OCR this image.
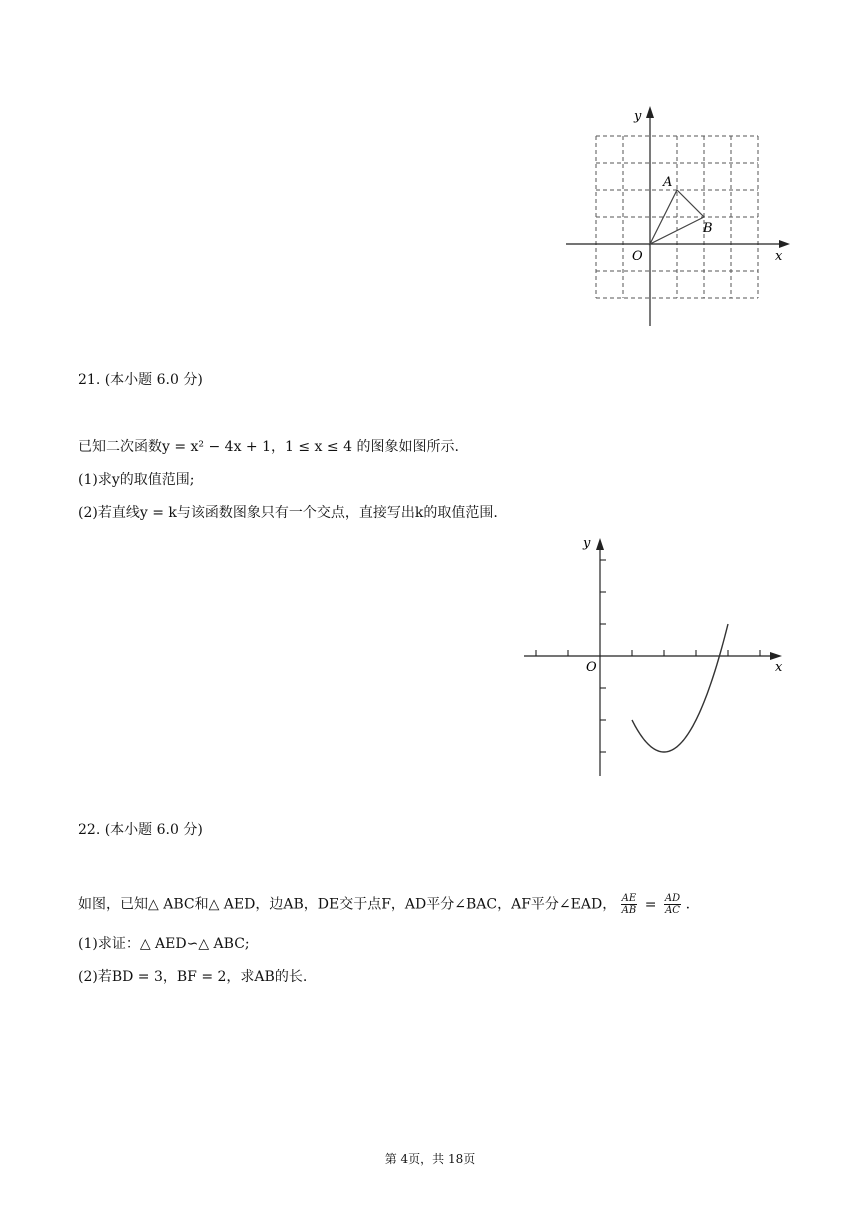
y
x
O
A
B
21. (本小题 6.0 分)
已知二次函数y = x² − 4x + 1，1 ≤ x ≤ 4 的图象如图所示.
(1)求y的取值范围;
(2)若直线y = k与该函数图象只有一个交点，直接写出k的取值范围.
y
x
O
22. (本小题 6.0 分)
如图，已知△ ABC和△ AED，边AB，DE交于点F，AD平分∠BAC，AF平分∠EAD， $\frac{AE}{AB} = \frac{AD}{AC}$ .
(1)求证：△ AED∽△ ABC;
(2)若BD = 3，BF = 2，求AB的长.
第 4页，共 18页
